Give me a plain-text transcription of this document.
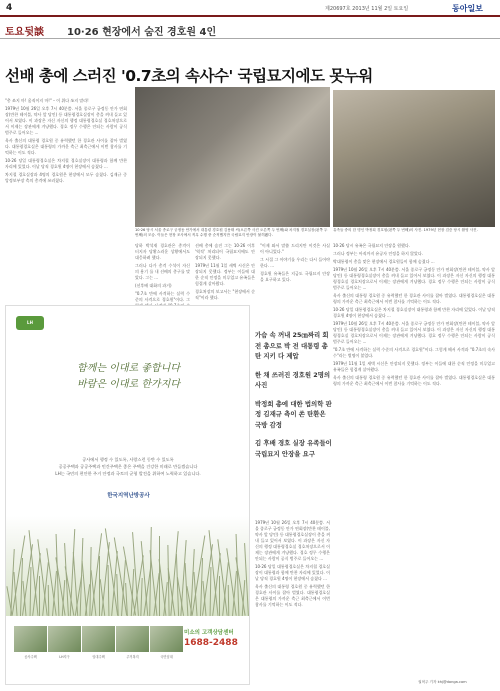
4	제20697호 2013년 11월 2일 토요일	동아일보
토요뒷談 10·26 현장에서 숨진 경호원 4인
선배 총에 스러진 '0.7초의 속사수' 국립묘지에도 못누워

"총 쏘지 마! 움직이지 마!" – 이 위다 쏘지 말라!

1979년 10월 26일 오후 7시 40분쯤. 서울 종로구 궁정동 안가 연회장(만찬 테이블, 약사 앞 당인) 등 대통령경호실장이 총을 꺼내 들고 있어서 보였다. 이 과장은 자신 자신의 행정 대통령경호실 경호처장으로서 이제는 장관에게 겨냥했다. 경호 정무 수행은 안되는 사람이 공식 범주로 들어오는 ...

육사 출신의 대통령 경호원 중 유력했던 한 경호관 사이를 잡아 벌였다. 대통령경호실은 대통령의 가까운 측근 최측근에서 이번 참사를 기억하는 이도 적다.

10·26 당일 대통령경호실은 차지철 경호실장이 대통령과 함께 만찬 자리에 있었다. 이날 당직 경호원 4명이 현장에서 숨졌다 ...

차지철 경호실장과 4명의 경호원은 현장에서 모두 숨졌다. 김재규 중앙정보부장 측의 총격에 쓰러졌다.

10·26 당시 서울 종로구 궁정동 안가에서 대통령 경호원 김용태 씨(오른쪽 사진 오른쪽 두 번째)와 차지철 경호실장(왼쪽 두 번째)의 모습. 이들은 현장 조사에서 직무 수행 중 순직했지만 국립묘지 안장이 불허됐다.
유족들 중의 한 명인 박정희 경호원(왼쪽 두 번째)의 사진. 1979년 현장 검증 당시 촬영 사진.

당하 박석재 경호관은 총격이 터지자 당황스러운 상황에서도 대응하려 했다.

그러나 다가 총격 수석이 자신의 용기 를 내 선배의 총구를 맞았다. 그는 ...

(선후배 대화의 과거)

"0.7초 만에 사격하는 실력 수준의 사격으로 경호원"이다. 그

선배 총에 숨진 그는 10·26 이후 '역적' 처리되어 국립묘지에도 안장되지 못했다.

1979년 11월 1일 새벽 시신은 안장되지 못했다. 정부는 이들에 대한 순직 인정을 미루었고 유족들은 힘겹게 살아왔다.

경호처장의 보고서는 "현장에서 순직"이라 했다.

"이제 와서 말씀 드리지만 이것은 사실이 아니었다."

그 시절 그 이야기를 우리는 다시 들어야 한다. ...

경호원 유족들은 지금도 국립묘지 안장을 요구하고 있다.

10·26 당시 유족은 국립묘지 안장을 원했다.

그러나 정부는 아직까지 유공자 인정을 하지 않았다.

박대통령이 총을 맞은 현장에서 경호원들이 함께 숨졌다 ...

1979년 10월 26일 오후 7시 40분쯤. 서울 종로구 궁정동 안가 연회장(만찬 테이블, 약사 앞 당인) 등 대통령경호실장이 총을 꺼내 들고 있어서 보였다. 이 과장은 자신 자신의 행정 대통령경호실 경호처장으로서 이제는 장관에게 겨냥했다. 경호 정무 수행은 안되는 사람이 공식 범주로 들어오는 ...

육사 출신의 대통령 경호원 중 유력했던 한 경호관 사이를 잡아 벌였다. 대통령경호실은 대통령의 가까운 측근 최측근에서 이번 참사를 기억하는 이도 적다.

10·26 당일 대통령경호실은 차지철 경호실장이 대통령과 함께 만찬 자리에 있었다. 이날 당직 경호원 4명이 현장에서 숨졌다 ...

1979년 10월 26일 오후 7시 40분쯤. 서울 종로구 궁정동 안가 연회장(만찬 테이블, 약사 앞 당인) 등 대통령경호실장이 총을 꺼내 들고 있어서 보였다. 이 과장은 자신 자신의 행정 대통령경호실 경호처장으로서 이제는 장관에게 겨냥했다. 경호 정무 수행은 안되는 사람이 공식 범주로 들어오는 ...

"0.7초 만에 사격하는 실력 수준의 사격으로 경호원"이다. 그렇게 해서 사격과 "0.7초의 속사수"라는 별명이 붙었다.

1979년 11월 1일 새벽 시신은 안장되지 못했다. 정부는 이들에 대한 순직 인정을 미루었고 유족들은 힘겹게 살아왔다.

육사 출신의 대통령 경호원 중 유력했던 한 경호관 사이를 잡아 벌였다. 대통령경호실은 대통령의 가까운 측근 최측근에서 이번 참사를 기억하는 이도 적다.

가슴 속 꺼내 25㎝짜리 회전 총으로 박 전 대통령 총탄 지키 다 제압

한 채 쓰러진 경호원 2명의 사진

박정희 총에 대한 법의학 판정 김재규 측이 쏜 탄환은 국방 감정

김 후배 경호 실장 유족들이 국립묘지 안장을 요구

1979년 10월 26일 오후 7시 40분쯤. 서울 종로구 궁정동 안가 연회장(만찬 테이블, 약사 앞 당인) 등 대통령경호실장이 총을 꺼내 들고 있어서 보였다. 이 과장은 자신 자신의 행정 대통령경호실 경호처장으로서 이제는 장관에게 겨냥했다. 경호 정무 수행은 안되는 사람이 공식 범주로 들어오는 ...

10·26 당일 대통령경호실은 차지철 경호실장이 대통령과 함께 만찬 자리에 있었다. 이날 당직 경호원 4명이 현장에서 숨졌다 ...

육사 출신의 대통령 경호원 중 유력했던 한 경호관 사이를 잡아 벌였다. 대통령경호실은 대통령의 가까운 측근 최측근에서 이번 참사를 기억하는 이도 적다.

LH
함께는 이대로 좋합니다
바람은 이대로 한가지다
공사에서 행정 수 있도록, 사랑스런 동반 수 있도록
공공주택과 공공주택과 민간주택은 좋은 주택을 건강한 미래로 만들겠습니다
LH는 국민의 편안한 주거 안정과 국토의 균형 발전을 위하여 노력하고 있습니다.
한국지역난방공사
공사주택	LH지구	임대주택	주거복지	국민임대
미소의 고객상담센터
1688-2488
권혁주 기자 khj@donga.com
